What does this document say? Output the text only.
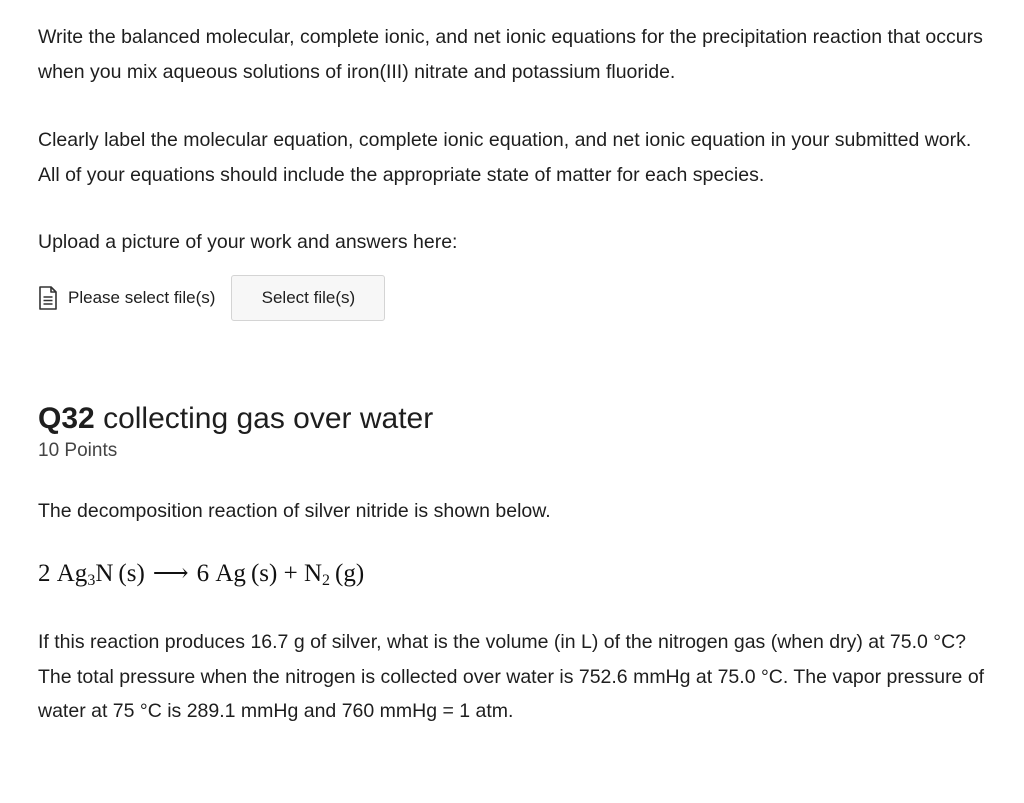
Write the balanced molecular, complete ionic, and net ionic equations for the precipitation reaction that occurs when you mix aqueous solutions of iron(III) nitrate and potassium fluoride.

Clearly label the molecular equation, complete ionic equation, and net ionic equation in your submitted work. All of your equations should include the appropriate state of matter for each species.

Upload a picture of your work and answers here:

Please select file(s)	Select file(s)
Q32 collecting gas over water
10 Points

The decomposition reaction of silver nitride is shown below.

2 $Ag_3N$  (s) ⟶ 6 Ag  $(s) + N_2$  (g)

If this reaction produces 16.7 g of silver, what is the volume (in L) of the nitrogen gas (when dry) at 75.0 °C? The total pressure when the nitrogen is collected over water is 752.6 mmHg at 75.0 °C. The vapor pressure of water at 75 °C is 289.1 mmHg and 760 mmHg = 1 atm.
